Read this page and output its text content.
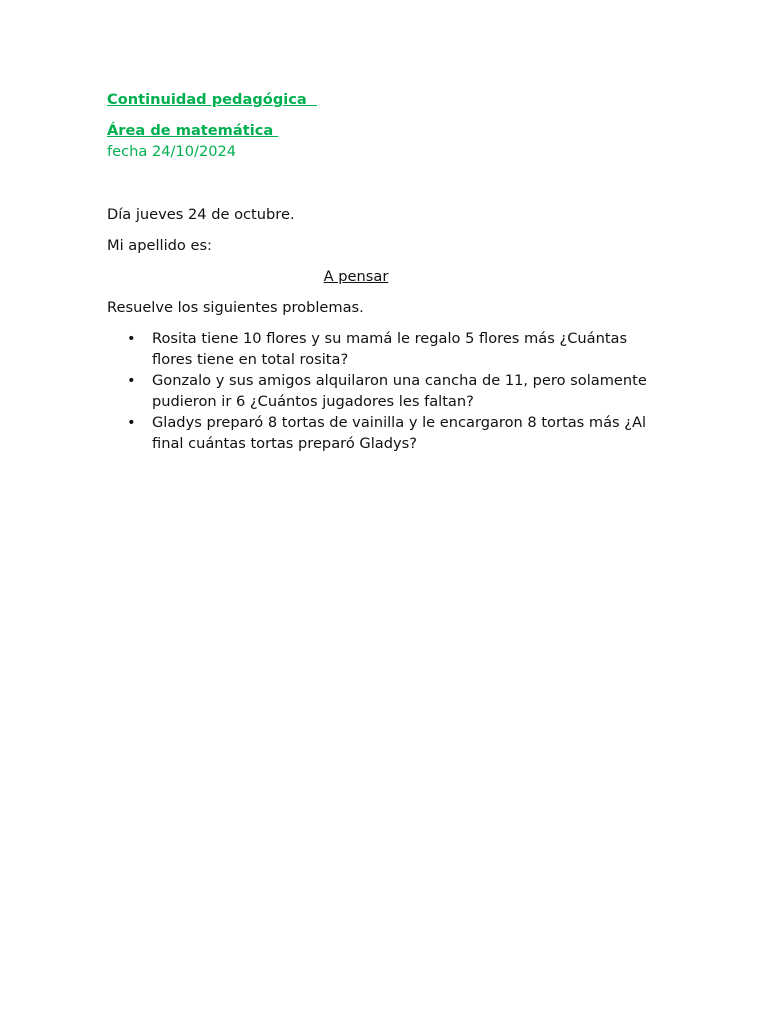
Continuidad pedagógica
Área de matemática
fecha 24/10/2024
Día jueves 24 de octubre.
Mi apellido es:
A pensar
Resuelve los siguientes problemas.
• Rosita tiene 10 flores y su mamá le regalo 5 flores más ¿Cuántas flores tiene en total rosita?
• Gonzalo y sus amigos alquilaron una cancha de 11, pero solamente pudieron ir 6 ¿Cuántos jugadores les faltan?
• Gladys preparó 8 tortas de vainilla y le encargaron 8 tortas más ¿Al final cuántas tortas preparó Gladys?
